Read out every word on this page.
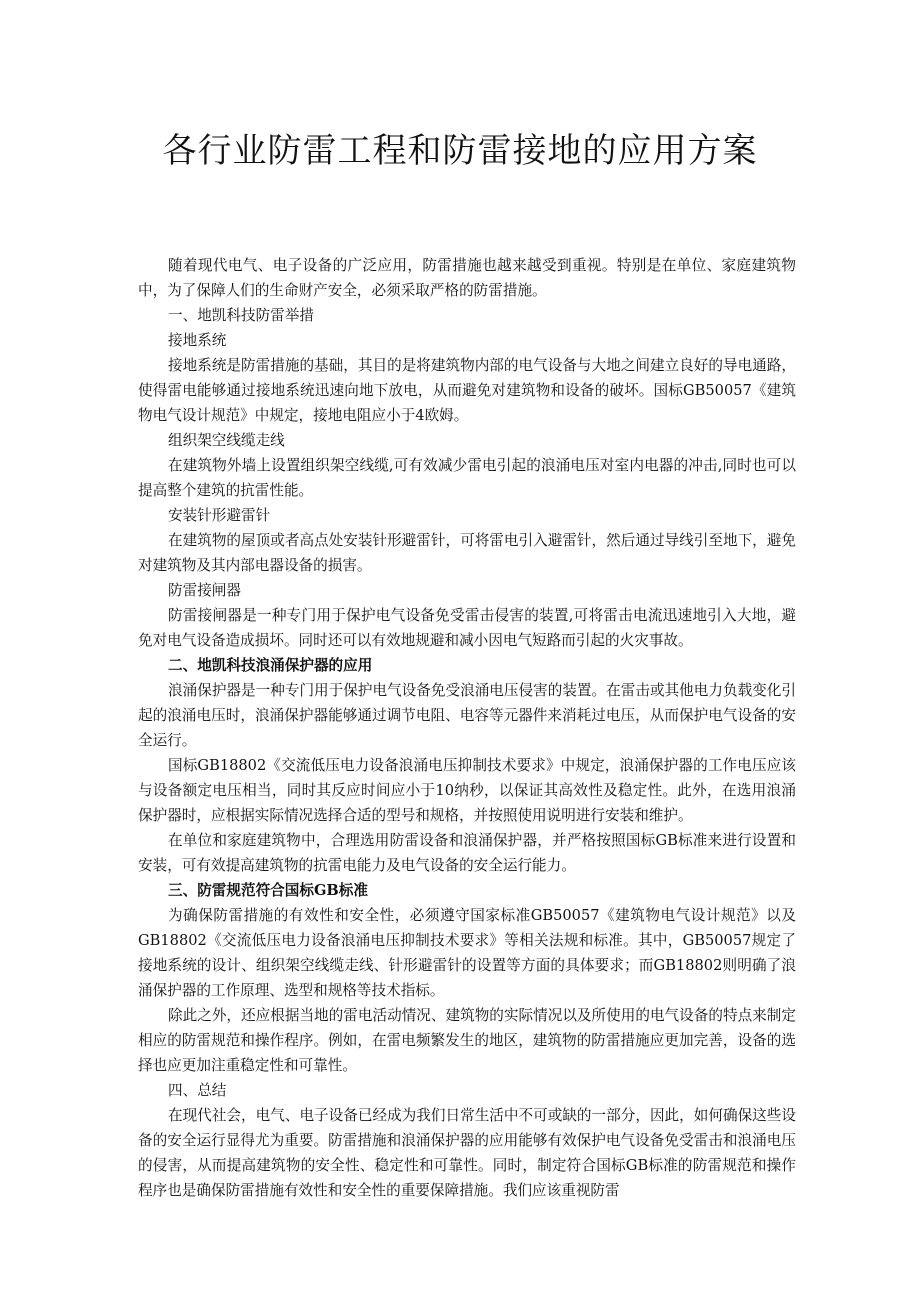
各行业防雷工程和防雷接地的应用方案

随着现代电气、电子设备的广泛应用，防雷措施也越来越受到重视。特别是在单位、家庭建筑物中，为了保障人们的生命财产安全，必须采取严格的防雷措施。

一、地凯科技防雷举措

接地系统

接地系统是防雷措施的基础，其目的是将建筑物内部的电气设备与大地之间建立良好的导电通路，使得雷电能够通过接地系统迅速向地下放电，从而避免对建筑物和设备的破坏。国标GB50057《建筑物电气设计规范》中规定，接地电阻应小于4欧姆。

组织架空线缆走线

在建筑物外墙上设置组织架空线缆,可有效减少雷电引起的浪涌电压对室内电器的冲击,同时也可以提高整个建筑的抗雷性能。

安装针形避雷针

在建筑物的屋顶或者高点处安装针形避雷针，可将雷电引入避雷针，然后通过导线引至地下，避免对建筑物及其内部电器设备的损害。

防雷接闸器

防雷接闸器是一种专门用于保护电气设备免受雷击侵害的装置,可将雷击电流迅速地引入大地，避免对电气设备造成损坏。同时还可以有效地规避和减小因电气短路而引起的火灾事故。

二、地凯科技浪涌保护器的应用

浪涌保护器是一种专门用于保护电气设备免受浪涌电压侵害的装置。在雷击或其他电力负载变化引起的浪涌电压时，浪涌保护器能够通过调节电阻、电容等元器件来消耗过电压，从而保护电气设备的安全运行。

国标GB18802《交流低压电力设备浪涌电压抑制技术要求》中规定，浪涌保护器的工作电压应该与设备额定电压相当，同时其反应时间应小于10纳秒，以保证其高效性及稳定性。此外，在选用浪涌保护器时，应根据实际情况选择合适的型号和规格，并按照使用说明进行安装和维护。

在单位和家庭建筑物中，合理选用防雷设备和浪涌保护器，并严格按照国标GB标准来进行设置和安装，可有效提高建筑物的抗雷电能力及电气设备的安全运行能力。

三、防雷规范符合国标GB标准

为确保防雷措施的有效性和安全性，必须遵守国家标准GB50057《建筑物电气设计规范》以及GB18802《交流低压电力设备浪涌电压抑制技术要求》等相关法规和标准。其中，GB50057规定了接地系统的设计、组织架空线缆走线、针形避雷针的设置等方面的具体要求；而GB18802则明确了浪涌保护器的工作原理、选型和规格等技术指标。

除此之外，还应根据当地的雷电活动情况、建筑物的实际情况以及所使用的电气设备的特点来制定相应的防雷规范和操作程序。例如，在雷电频繁发生的地区，建筑物的防雷措施应更加完善，设备的选择也应更加注重稳定性和可靠性。

四、总结

在现代社会，电气、电子设备已经成为我们日常生活中不可或缺的一部分，因此，如何确保这些设备的安全运行显得尤为重要。防雷措施和浪涌保护器的应用能够有效保护电气设备免受雷击和浪涌电压的侵害，从而提高建筑物的安全性、稳定性和可靠性。同时，制定符合国标GB标准的防雷规范和操作程序也是确保防雷措施有效性和安全性的重要保障措施。我们应该重视防雷
